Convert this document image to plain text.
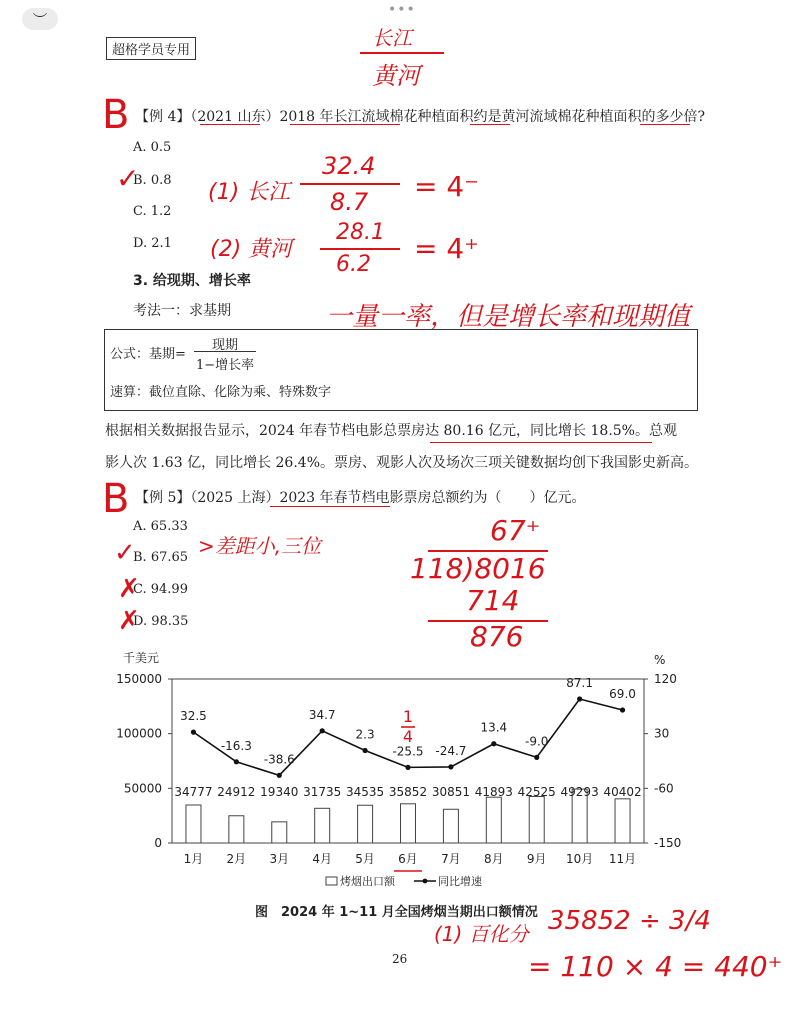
︶
•••
超格学员专用
长江
黄河
B 【例 4】（2021 山东）2018 年长江流域棉花种植面积约是黄河流域棉花种植面积的多少倍?
A. 0.5
B. 0.8
C. 1.2
D. 2.1
✓	(1) 长江
32.4
8.7 = 4⁻
(2) 黄河
28.1
6.2 = 4⁺
3. 给现期、增长率
考法一：求基期	一量一率，但是增长率和现期值
公式：基期=
现期
1−增长率
速算：截位直除、化除为乘、特殊数字
根据相关数据报告显示，2024 年春节档电影总票房达 80.16 亿元，同比增长 18.5%。总观
影人次 1.63 亿，同比增长 26.4%。票房、观影人次及场次三项关键数据均创下我国影史新高。
B 【例 5】（2025 上海）2023 年春节档电影票房总额约为（　　）亿元。
A. 65.33
B. 67.65
C. 94.99
D. 98.35
✓
✗
✗
>差距小,三位	67⁺
118)8016
714
876
千美元	%
0
50000
100000
150000
-150
-60
30
120
34777
1月
24912
2月
19340
3月
31735
4月
34535
5月
35852
6月
30851
7月
41893
8月
42525
9月
49293
10月
40402
11月
32.5
-16.3
-38.6
34.7
2.3
-25.5 -24.7
13.4
-9.0
87.1
69.0
烤烟出口额	同比增速
1
4
图　2024 年 1~11 月全国烤烟当期出口额情况
(1) 百化分 35852 ÷ 3/4
= 110 × 4 = 440⁺
26
